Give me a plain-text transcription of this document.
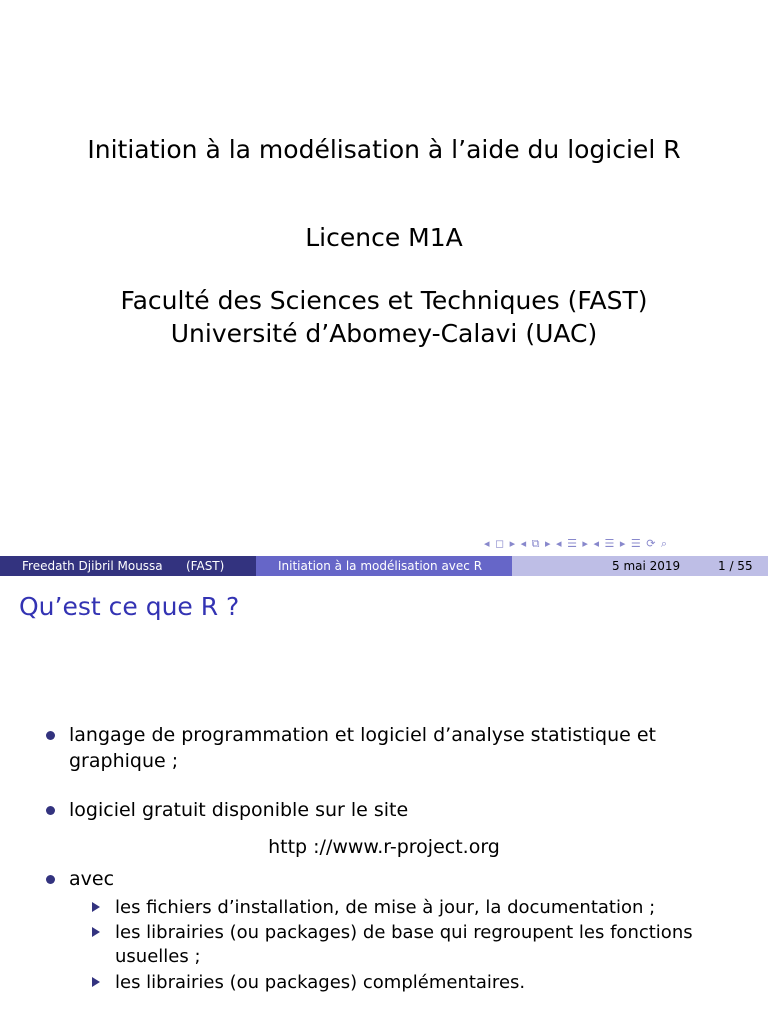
Initiation à la modélisation à l’aide du logiciel R
Licence M1A
Faculté des Sciences et Techniques (FAST)
Université d’Abomey-Calavi (UAC)
◂ ◻ ▸ ◂ ⧉ ▸ ◂ ☰ ▸ ◂ ☰ ▸ ☰ ⟳ ⌕
Freedath Djibril Moussa (FAST)	Initiation à la modélisation avec R	5 mai 2019	1 / 55
Qu’est ce que R ?
langage de programmation et logiciel d’analyse statistique et
graphique ;
logiciel gratuit disponible sur le site
http ://www.r-project.org
avec
les fichiers d’installation, de mise à jour, la documentation ;
les librairies (ou packages) de base qui regroupent les fonctions
usuelles ;
les librairies (ou packages) complémentaires.
